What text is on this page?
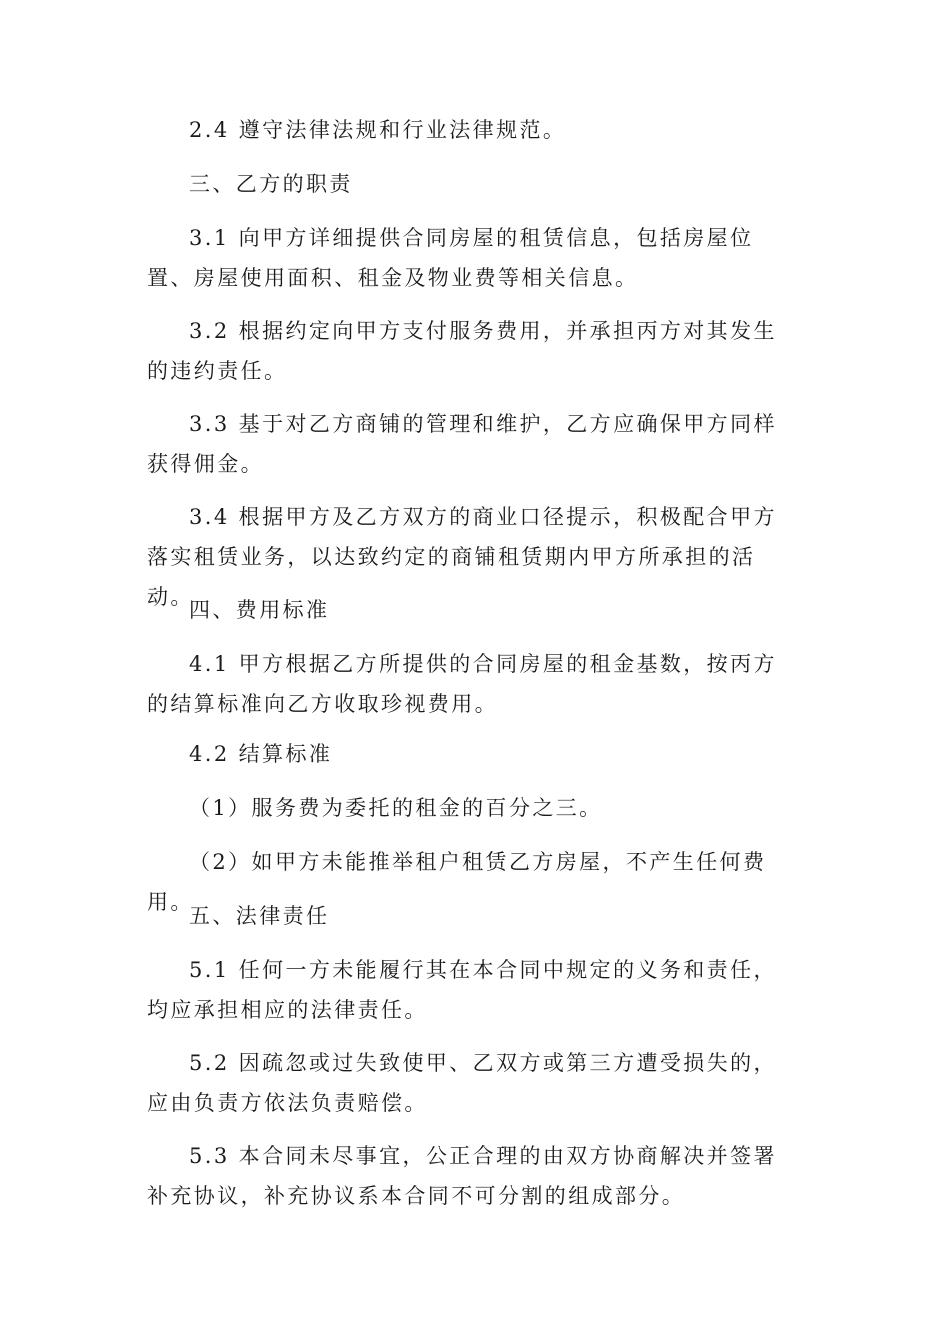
2.4 遵守法律法规和行业法律规范。

三、乙方的职责

3.1 向甲方详细提供合同房屋的租赁信息，包括房屋位置、房屋使用面积、租金及物业费等相关信息。

3.2 根据约定向甲方支付服务费用，并承担丙方对其发生的违约责任。

3.3 基于对乙方商铺的管理和维护，乙方应确保甲方同样获得佣金。

3.4 根据甲方及乙方双方的商业口径提示，积极配合甲方落实租赁业务，以达致约定的商铺租赁期内甲方所承担的活动。

四、费用标准

4.1 甲方根据乙方所提供的合同房屋的租金基数，按丙方的结算标准向乙方收取珍视费用。

4.2 结算标准

（1）服务费为委托的租金的百分之三。

（2）如甲方未能推举租户租赁乙方房屋，不产生任何费用。

五、法律责任

5.1 任何一方未能履行其在本合同中规定的义务和责任，均应承担相应的法律责任。

5.2 因疏忽或过失致使甲、乙双方或第三方遭受损失的，应由负责方依法负责赔偿。

5.3 本合同未尽事宜，公正合理的由双方协商解决并签署补充协议，补充协议系本合同不可分割的组成部分。
